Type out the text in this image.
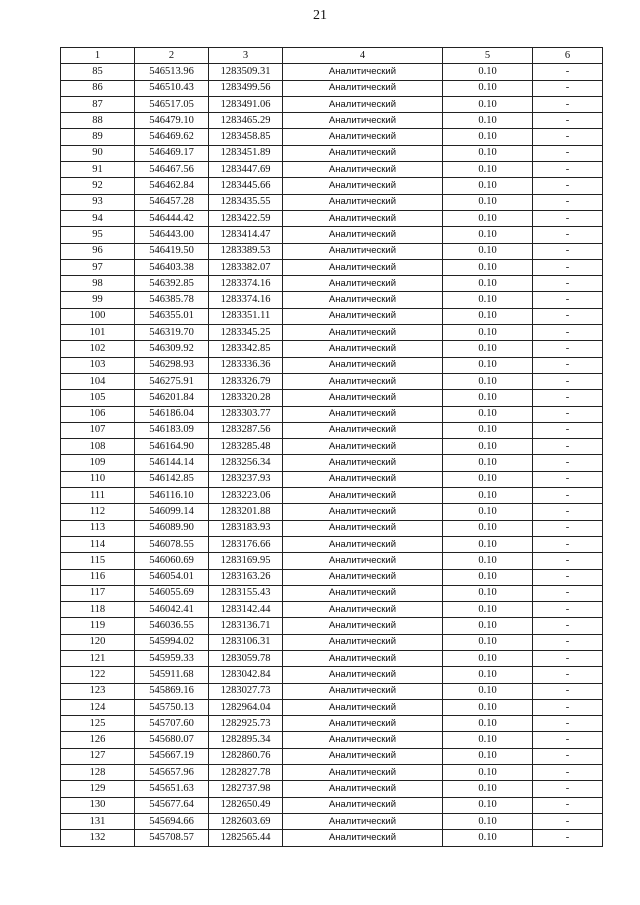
21
1	2	3	4	5	6
85	546513.96	1283509.31	Аналитический	0.10	-
86	546510.43	1283499.56	Аналитический	0.10	-
87	546517.05	1283491.06	Аналитический	0.10	-
88	546479.10	1283465.29	Аналитический	0.10	-
89	546469.62	1283458.85	Аналитический	0.10	-
90	546469.17	1283451.89	Аналитический	0.10	-
91	546467.56	1283447.69	Аналитический	0.10	-
92	546462.84	1283445.66	Аналитический	0.10	-
93	546457.28	1283435.55	Аналитический	0.10	-
94	546444.42	1283422.59	Аналитический	0.10	-
95	546443.00	1283414.47	Аналитический	0.10	-
96	546419.50	1283389.53	Аналитический	0.10	-
97	546403.38	1283382.07	Аналитический	0.10	-
98	546392.85	1283374.16	Аналитический	0.10	-
99	546385.78	1283374.16	Аналитический	0.10	-
100	546355.01	1283351.11	Аналитический	0.10	-
101	546319.70	1283345.25	Аналитический	0.10	-
102	546309.92	1283342.85	Аналитический	0.10	-
103	546298.93	1283336.36	Аналитический	0.10	-
104	546275.91	1283326.79	Аналитический	0.10	-
105	546201.84	1283320.28	Аналитический	0.10	-
106	546186.04	1283303.77	Аналитический	0.10	-
107	546183.09	1283287.56	Аналитический	0.10	-
108	546164.90	1283285.48	Аналитический	0.10	-
109	546144.14	1283256.34	Аналитический	0.10	-
110	546142.85	1283237.93	Аналитический	0.10	-
111	546116.10	1283223.06	Аналитический	0.10	-
112	546099.14	1283201.88	Аналитический	0.10	-
113	546089.90	1283183.93	Аналитический	0.10	-
114	546078.55	1283176.66	Аналитический	0.10	-
115	546060.69	1283169.95	Аналитический	0.10	-
116	546054.01	1283163.26	Аналитический	0.10	-
117	546055.69	1283155.43	Аналитический	0.10	-
118	546042.41	1283142.44	Аналитический	0.10	-
119	546036.55	1283136.71	Аналитический	0.10	-
120	545994.02	1283106.31	Аналитический	0.10	-
121	545959.33	1283059.78	Аналитический	0.10	-
122	545911.68	1283042.84	Аналитический	0.10	-
123	545869.16	1283027.73	Аналитический	0.10	-
124	545750.13	1282964.04	Аналитический	0.10	-
125	545707.60	1282925.73	Аналитический	0.10	-
126	545680.07	1282895.34	Аналитический	0.10	-
127	545667.19	1282860.76	Аналитический	0.10	-
128	545657.96	1282827.78	Аналитический	0.10	-
129	545651.63	1282737.98	Аналитический	0.10	-
130	545677.64	1282650.49	Аналитический	0.10	-
131	545694.66	1282603.69	Аналитический	0.10	-
132	545708.57	1282565.44	Аналитический	0.10	-
